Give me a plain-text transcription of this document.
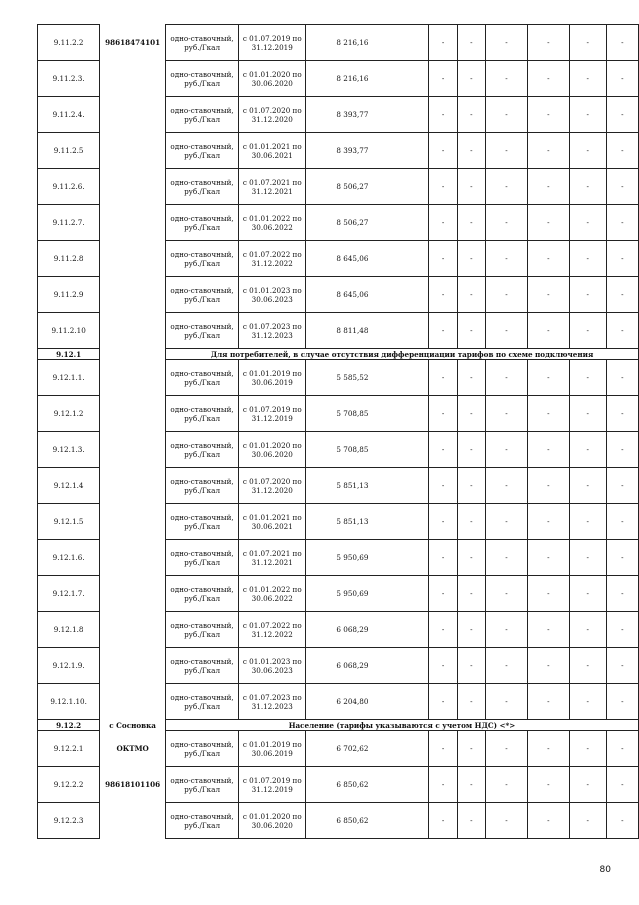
9.11.2.2	98618474101	одно-ставочный, руб./Гкал	с 01.07.2019 по 31.12.2019	8 216,16	-	-	-	-	-	-
9.11.2.3.		одно-ставочный, руб./Гкал	с 01.01.2020 по 30.06.2020	8 216,16	-	-	-	-	-	-
9.11.2.4.		одно-ставочный, руб./Гкал	с 01.07.2020 по 31.12.2020	8 393,77	-	-	-	-	-	-
9.11.2.5		одно-ставочный, руб./Гкал	с 01.01.2021 по 30.06.2021	8 393,77	-	-	-	-	-	-
9.11.2.6.		одно-ставочный, руб./Гкал	с 01.07.2021 по 31.12.2021	8 506,27	-	-	-	-	-	-
9.11.2.7.		одно-ставочный, руб./Гкал	с 01.01.2022 по 30.06.2022	8 506,27	-	-	-	-	-	-
9.11.2.8		одно-ставочный, руб./Гкал	с 01.07.2022 по 31.12.2022	8 645,06	-	-	-	-	-	-
9.11.2.9		одно-ставочный, руб./Гкал	с 01.01.2023 по 30.06.2023	8 645,06	-	-	-	-	-	-
9.11.2.10		одно-ставочный, руб./Гкал	с 01.07.2023 по 31.12.2023	8 811,48	-	-	-	-	-	-
9.12.1		Для потребителей, в случае отсутствия дифференциации тарифов по схеме подключения								
9.12.1.1.		одно-ставочный, руб./Гкал	с 01.01.2019 по 30.06.2019	5 585,52	-	-	-	-	-	-
9.12.1.2		одно-ставочный, руб./Гкал	с 01.07.2019 по 31.12.2019	5 708,85	-	-	-	-	-	-
9.12.1.3.		одно-ставочный, руб./Гкал	с 01.01.2020 по 30.06.2020	5 708,85	-	-	-	-	-	-
9.12.1.4		одно-ставочный, руб./Гкал	с 01.07.2020 по 31.12.2020	5 851,13	-	-	-	-	-	-
9.12.1.5		одно-ставочный, руб./Гкал	с 01.01.2021 по 30.06.2021	5 851,13	-	-	-	-	-	-
9.12.1.6.		одно-ставочный, руб./Гкал	с 01.07.2021 по 31.12.2021	5 950,69	-	-	-	-	-	-
9.12.1.7.		одно-ставочный, руб./Гкал	с 01.01.2022 по 30.06.2022	5 950,69	-	-	-	-	-	-
9.12.1.8		одно-ставочный, руб./Гкал	с 01.07.2022 по 31.12.2022	6 068,29	-	-	-	-	-	-
9.12.1.9.		одно-ставочный, руб./Гкал	с 01.01.2023 по 30.06.2023	6 068,29	-	-	-	-	-	-
9.12.1.10.		одно-ставочный, руб./Гкал	с 01.07.2023 по 31.12.2023	6 204,80	-	-	-	-	-	-
9.12.2	с Сосновка	Население (тарифы указываются с учетом НДС) <*>								
9.12.2.1	ОКТМО	одно-ставочный, руб./Гкал	с 01.01.2019 по 30.06.2019	6 702,62	-	-	-	-	-	-
9.12.2.2	98618101106	одно-ставочный, руб./Гкал	с 01.07.2019 по 31.12.2019	6 850,62	-	-	-	-	-	-
9.12.2.3		одно-ставочный, руб./Гкал	с 01.01.2020 по 30.06.2020	6 850,62	-	-	-	-	-	-
80
